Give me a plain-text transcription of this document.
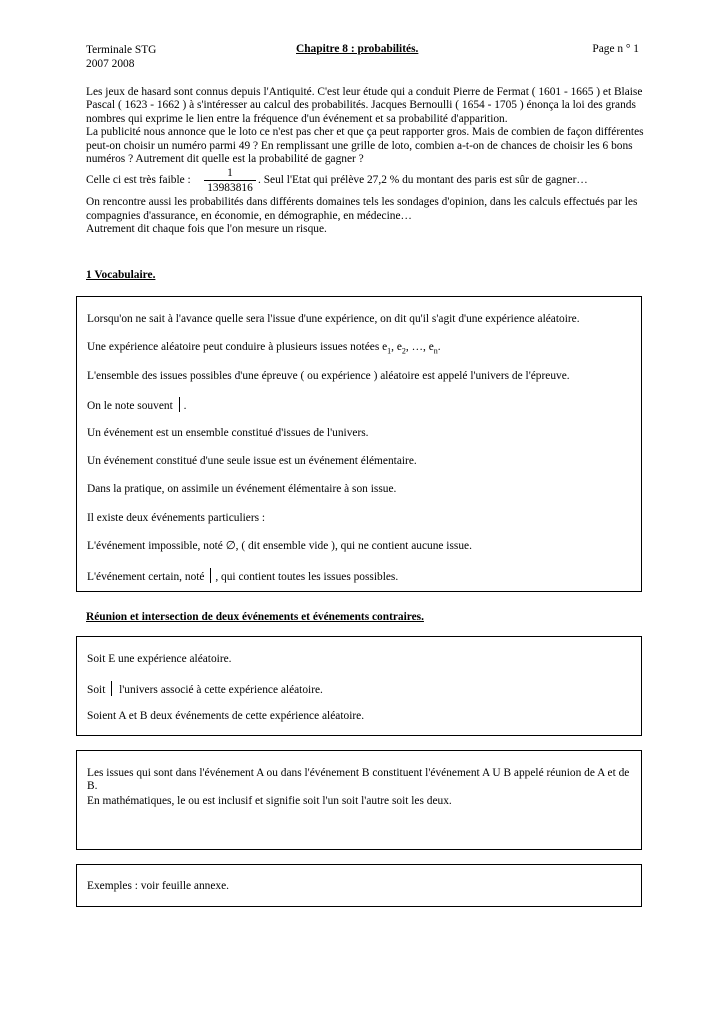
Terminale STG
2007 2008
Chapitre 8 : probabilités.	Page n ° 1

Les jeux de hasard sont connus depuis l'Antiquité. C'est leur étude qui a conduit Pierre de Fermat ( 1601 - 1665 ) et Blaise Pascal ( 1623 - 1662 ) à s'intéresser au calcul des probabilités. Jacques Bernoulli ( 1654 - 1705 ) énonça la loi des grands nombres qui exprime le lien entre la fréquence d'un événement et sa probabilité d'apparition.

La publicité nous annonce que le loto ce n'est pas cher et que ça peut rapporter gros. Mais de combien de façon différentes peut-on choisir un numéro parmi 49 ? En remplissant une grille de loto, combien a-t-on de chances de choisir les 6 bons numéros ? Autrement dit quelle est la probabilité de gagner ?

Celle ci est très faible : $\frac{1}{13983816}$ . Seul l'Etat qui prélève 27,2 % du montant des paris est sûr de gagner…

On rencontre aussi les probabilités dans différents domaines tels les sondages d'opinion, dans les calculs effectués par les compagnies d'assurance, en économie, en démographie, en médecine…

Autrement dit chaque fois que l'on mesure un risque.

1 Vocabulaire.

Lorsqu'on ne sait à l'avance quelle sera l'issue d'une expérience, on dit qu'il s'agit d'une expérience aléatoire.

Une expérience aléatoire peut conduire à plusieurs issues notées $e_1$, $e_2$, …, $e_n$.

L'ensemble des issues possibles d'une épreuve ( ou expérience ) aléatoire est appelé l'univers de l'épreuve.

On le note souvent .

Un événement est un ensemble constitué d'issues de l'univers.

Un événement constitué d'une seule issue est un événement élémentaire.

Dans la pratique, on assimile un événement élémentaire à son issue.

Il existe deux événements particuliers :

L'événement impossible, noté ∅, ( dit ensemble vide ), qui ne contient aucune issue.

L'événement certain, noté , qui contient toutes les issues possibles.

Réunion et intersection de deux événements et événements contraires.

Soit E une expérience aléatoire.

Soit l'univers associé à cette expérience aléatoire.

Soient A et B deux événements de cette expérience aléatoire.

Les issues qui sont dans l'événement A ou dans l'événement B constituent l'événement A U B appelé réunion de A et de B.

En mathématiques, le ou est inclusif et signifie soit l'un soit l'autre soit les deux.

Exemples : voir feuille annexe.
